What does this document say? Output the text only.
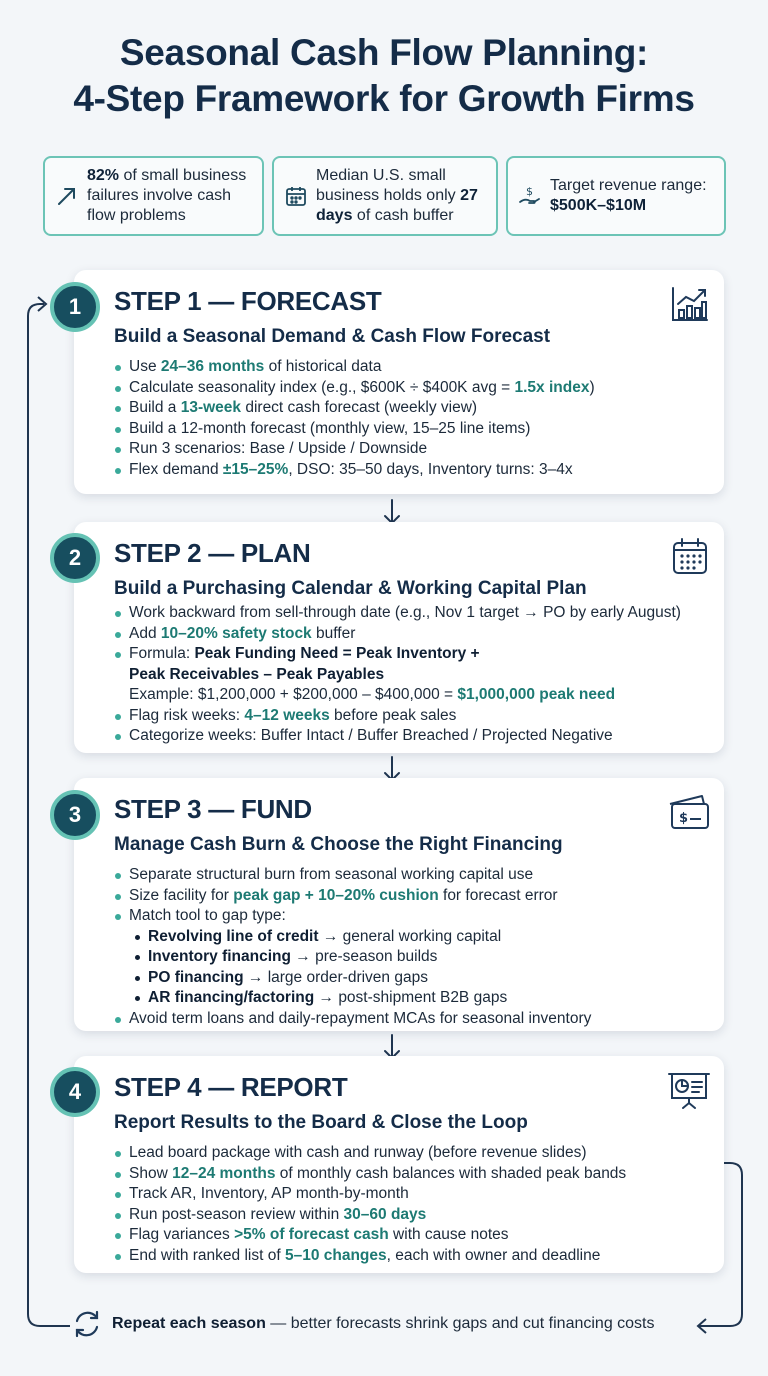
Seasonal Cash Flow Planning:
4-Step Framework for Growth Firms
82% of small business failures involve cash flow problems
Median U.S. small business holds only 27 days of cash buffer
$ Target revenue range:
$500K–$10M
1	STEP 1 — FORECAST
Build a Seasonal Demand & Cash Flow Forecast
Use 24–36 months of historical data
Calculate seasonality index (e.g., $600K ÷ $400K avg = 1.5x index)
Build a 13-week direct cash forecast (weekly view)
Build a 12-month forecast (monthly view, 15–25 line items)
Run 3 scenarios: Base / Upside / Downside
Flex demand ±15–25%, DSO: 35–50 days, Inventory turns: 3–4x
2	STEP 2 — PLAN
Build a Purchasing Calendar & Working Capital Plan
Work backward from sell-through date (e.g., Nov 1 target → PO by early August)
Add 10–20% safety stock buffer
Formula: Peak Funding Need = Peak Inventory +
Peak Receivables – Peak Payables
Example: $1,200,000 + $200,000 – $400,000 = $1,000,000 peak need
Flag risk weeks: 4–12 weeks before peak sales
Categorize weeks: Buffer Intact / Buffer Breached / Projected Negative
3	STEP 3 — FUND
Manage Cash Burn & Choose the Right Financing
$
Separate structural burn from seasonal working capital use
Size facility for peak gap + 10–20% cushion for forecast error
Match tool to gap type:
Revolving line of credit → general working capital
Inventory financing → pre-season builds
PO financing → large order-driven gaps
AR financing/factoring → post-shipment B2B gaps
Avoid term loans and daily-repayment MCAs for seasonal inventory
4	STEP 4 — REPORT
Report Results to the Board & Close the Loop
Lead board package with cash and runway (before revenue slides)
Show 12–24 months of monthly cash balances with shaded peak bands
Track AR, Inventory, AP month-by-month
Run post-season review within 30–60 days
Flag variances >5% of forecast cash with cause notes
End with ranked list of 5–10 changes, each with owner and deadline
Repeat each season — better forecasts shrink gaps and cut financing costs
